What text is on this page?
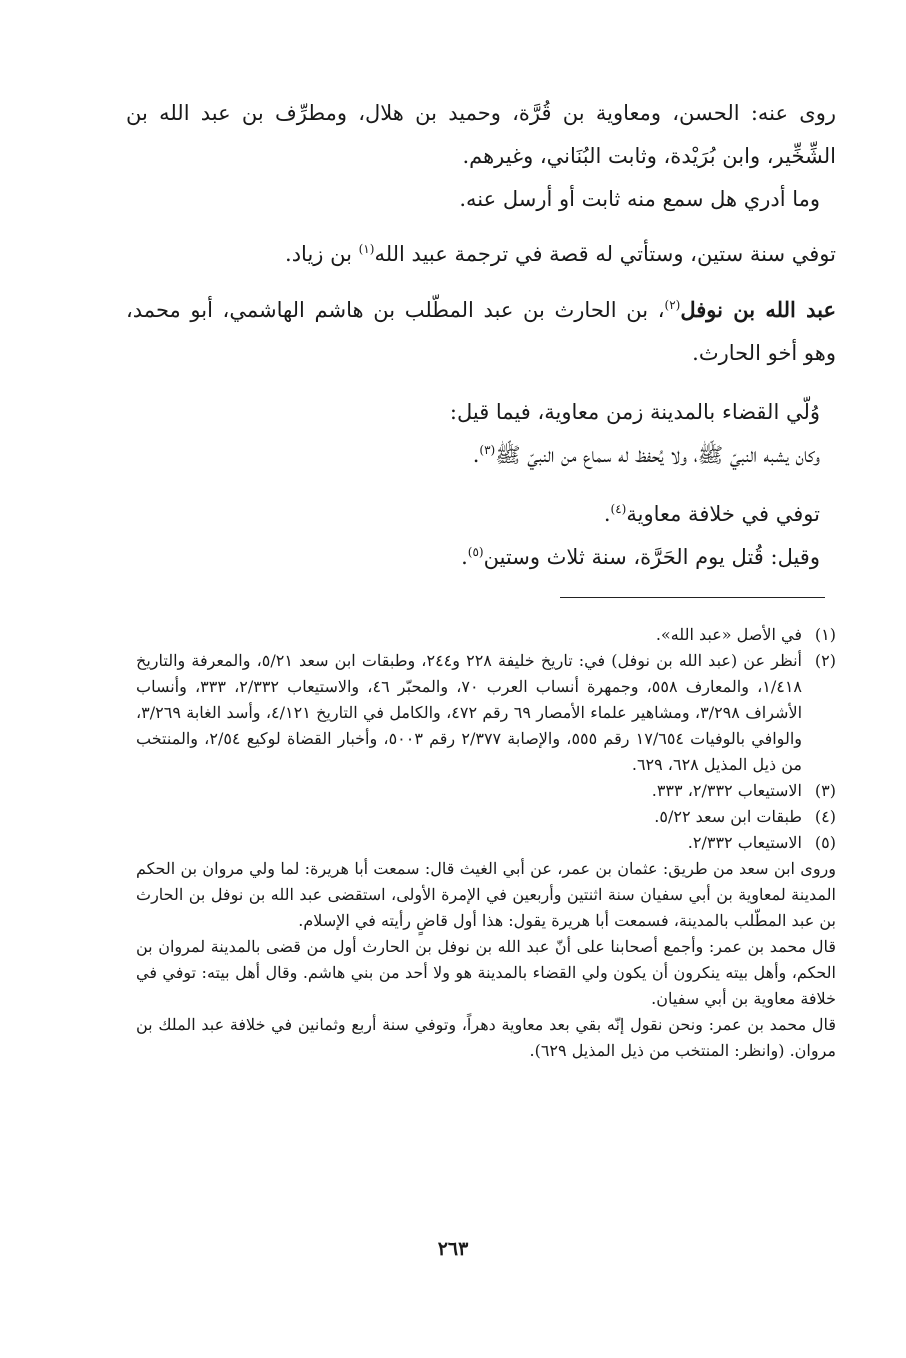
روى عنه: الحسن، ومعاوية بن قُرَّة، وحميد بن هلال، ومطرِّف بن عبد الله بن الشِّخِّير، وابن بُرَيْدة، وثابت البُنَاني، وغيرهم.

وما أدري هل سمع منه ثابت أو أرسل عنه.

توفي سنة ستين، وستأتي له قصة في ترجمة عبيد الله$^{(١)}$ بن زياد.

عبد الله بن نوفل$^{(٢)}$، بن الحارث بن عبد المطّلب بن هاشم الهاشمي، أبو محمد، وهو أخو الحارث.

وُلّي القضاء بالمدينة زمن معاوية، فيما قيل:

وكان يشبه النبيّ ﷺ، ولا يُحفظ له سماع من النبيّ ﷺ$^{(٣)}$.

توفي في خلافة معاوية$^{(٤)}$.

وقيل: قُتل يوم الحَرَّة، سنة ثلاث وستين$^{(٥)}$.

(١)
في الأصل «عبد الله».
(٢)
أنظر عن (عبد الله بن نوفل) في: تاريخ خليفة ٢٢٨ و٢٤٤، وطبقات ابن سعد ٥/٢١، والمعرفة والتاريخ ١/٤١٨، والمعارف ٥٥٨، وجمهرة أنساب العرب ٧٠، والمحبّر ٤٦، والاستيعاب ٢/٣٣٢، ٣٣٣، وأنساب الأشراف ٣/٢٩٨، ومشاهير علماء الأمصار ٦٩ رقم ٤٧٢، والكامل في التاريخ ٤/١٢١، وأسد الغابة ٣/٢٦٩، والوافي بالوفيات ١٧/٦٥٤ رقم ٥٥٥، والإصابة ٢/٣٧٧ رقم ٥٠٠٣، وأخبار القضاة لوكيع ٢/٥٤، والمنتخب من ذيل المذيل ٦٢٨، ٦٢٩.
(٣)
الاستيعاب ٢/٣٣٢، ٣٣٣.
(٤)
طبقات ابن سعد ٥/٢٢.
(٥)
الاستيعاب ٢/٣٣٢.

وروى ابن سعد من طريق: عثمان بن عمر، عن أبي الغيث قال: سمعت أبا هريرة: لما ولي مروان بن الحكم المدينة لمعاوية بن أبي سفيان سنة اثنتين وأربعين في الإمرة الأولى، استقضى عبد الله بن نوفل بن الحارث بن عبد المطّلب بالمدينة، فسمعت أبا هريرة يقول: هذا أول قاضٍ رأيته في الإسلام.

قال محمد بن عمر: وأجمع أصحابنا على أنّ عبد الله بن نوفل بن الحارث أول من قضى بالمدينة لمروان بن الحكم، وأهل بيته ينكرون أن يكون ولي القضاء بالمدينة هو ولا أحد من بني هاشم. وقال أهل بيته: توفي في خلافة معاوية بن أبي سفيان.

قال محمد بن عمر: ونحن نقول إنّه بقي بعد معاوية دهراً، وتوفي سنة أربع وثمانين في خلافة عبد الملك بن مروان. (وانظر: المنتخب من ذيل المذيل ٦٢٩).

٢٦٣
